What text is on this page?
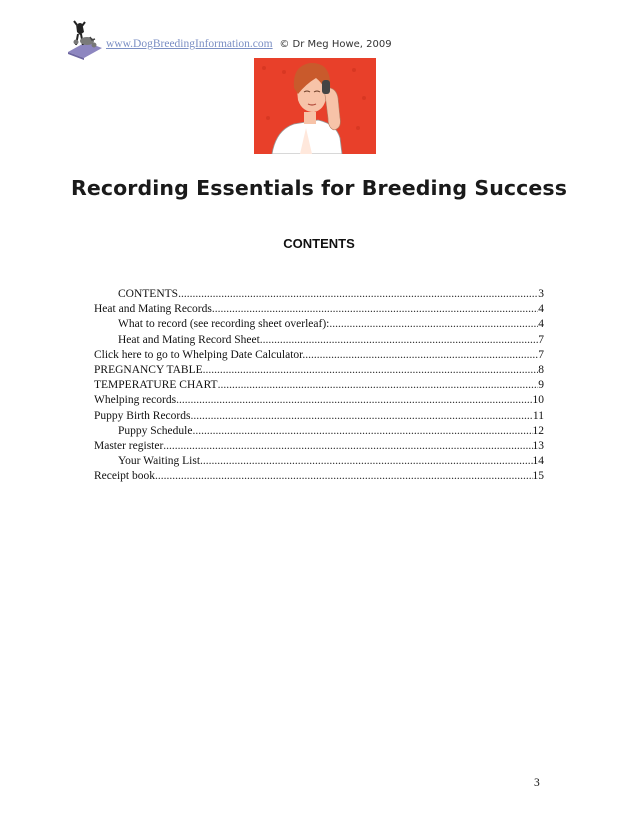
www.DogBreedingInformation.com © Dr Meg Howe, 2009
Recording Essentials for Breeding Success
CONTENTS
CONTENTS .....	3
Heat and Mating Records .....	4
What to record (see recording sheet overleaf): .....	4
Heat and Mating Record Sheet .....	7
Click here to go to Whelping Date Calculator. .....	7
PREGNANCY TABLE .....	8
TEMPERATURE CHART .....	9
Whelping records .....	10
Puppy Birth Records .....	11
Puppy Schedule .....	12
Master register .....	13
Your Waiting List .....	14
Receipt book .....	15
3
